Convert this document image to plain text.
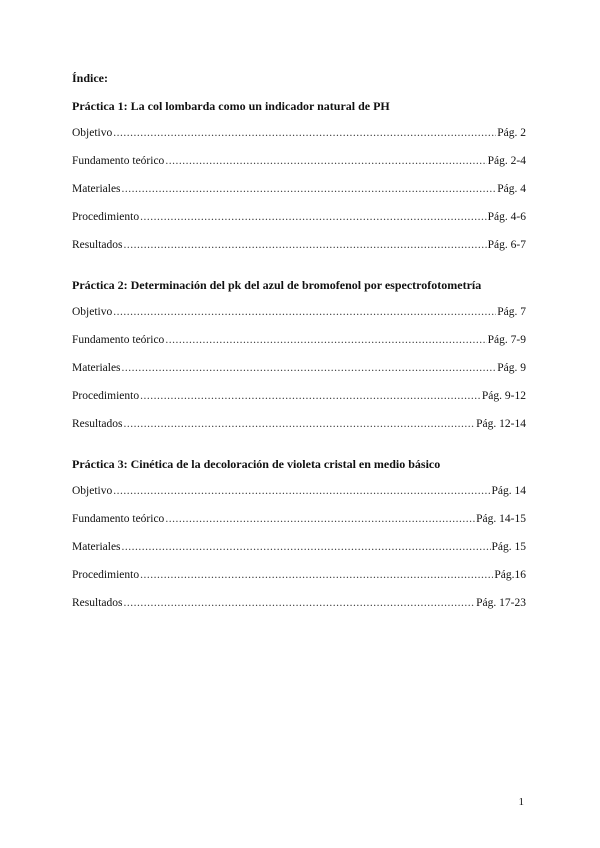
Índice:
Práctica 1: La col lombarda como un indicador natural de PH
Objetivo .....	Pág. 2
Fundamento teórico .....	Pág. 2-4
Materiales .....	Pág. 4
Procedimiento .....	Pág. 4-6
Resultados .....	Pág. 6-7
Práctica 2: Determinación del pk del azul de bromofenol por espectrofotometría
Objetivo .....	Pág. 7
Fundamento teórico .....	Pág. 7-9
Materiales .....	Pág. 9
Procedimiento .....	Pág. 9-12
Resultados .....	Pág. 12-14
Práctica 3: Cinética de la decoloración de violeta cristal en medio básico
Objetivo .....	Pág. 14
Fundamento teórico .....	Pág. 14-15
Materiales .....	Pág. 15
Procedimiento .....	Pág.16
Resultados .....	Pág. 17-23
1
